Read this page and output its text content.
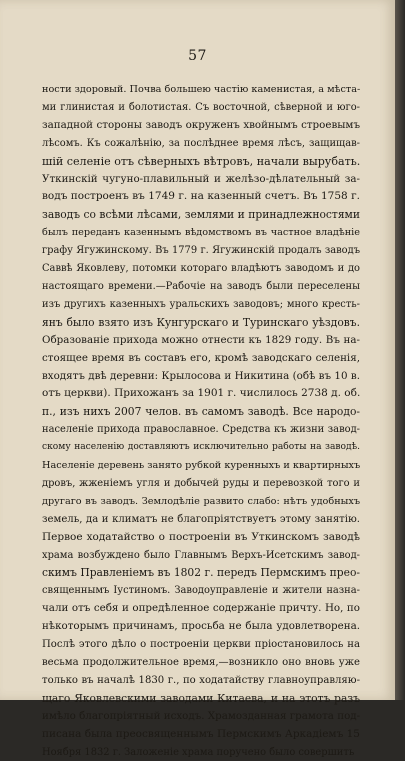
57
ности здоровый. Почва большею частію каменистая, а мѣста-
ми глинистая и болотистая. Съ восточной, сѣверной и юго-
западной стороны заводъ окруженъ хвойнымъ строевымъ
лѣсомъ. Къ сожалѣнію, за послѣднее время лѣсъ, защищав-
шій селеніе отъ сѣверныхъ вѣтровъ, начали вырубать.
Уткинскій чугуно-плавильный и желѣзо-дѣлательный за-
водъ построенъ въ 1749 г. на казенный счетъ. Въ 1758 г.
заводъ со всѣми лѣсами, землями и принадлежностями
былъ переданъ казеннымъ вѣдомствомъ въ частное владѣніе
графу Ягужинскому. Въ 1779 г. Ягужинскій продалъ заводъ
Саввѣ Яковлеву, потомки котораго владѣютъ заводомъ и до
настоящаго времени.—Рабочіе на заводъ были переселены
изъ другихъ казенныхъ уральскихъ заводовъ; много кресть-
янъ было взято изъ Кунгурскаго и Туринскаго уѣздовъ.
Образованіе прихода можно отнести къ 1829 году. Въ на-
стоящее время въ составъ его, кромѣ заводскаго селенія,
входятъ двѣ деревни: Крылосова и Никитина (обѣ въ 10 в.
отъ церкви). Прихожанъ за 1901 г. числилось 2738 д. об.
п., изъ нихъ 2007 челов. въ самомъ заводѣ. Все народо-
населеніе прихода православное. Средства къ жизни завод-
скому населенію доставляютъ исключительно работы на заводѣ.
Населеніе деревень занято рубкой куренныхъ и квартирныхъ
дровъ, жженіемъ угля и добычей руды и перевозкой того и
другаго въ заводъ. Землодѣліе развито слабо: нѣтъ удобныхъ
земель, да и климатъ не благопріятствуетъ этому занятію.
Первое ходатайство о построеніи въ Уткинскомъ заводѣ
храма возбуждено было Главнымъ Верхъ-Исетскимъ завод-
скимъ Правленіемъ въ 1802 г. передъ Пермскимъ прео-
священнымъ Іустиномъ. Заводоуправленіе и жители назна-
чали отъ себя и опредѣленное содержаніе причту. Но, по
нѣкоторымъ причинамъ, просьба не была удовлетворена.
Послѣ этого дѣло о построеніи церкви пріостановилось на
весьма продолжительное время,—возникло оно вновь уже
только въ началѣ 1830 г., по ходатайству главноуправляю-
щаго Яковлевскими заводами Китаева, и на этотъ разъ
имѣло благопріятный исходъ. Храмозданная грамота под-
писана была преосвященнымъ Пермскимъ Аркадіемъ 15
Ноября 1832 г. Заложеніе храма поручено было совершить
